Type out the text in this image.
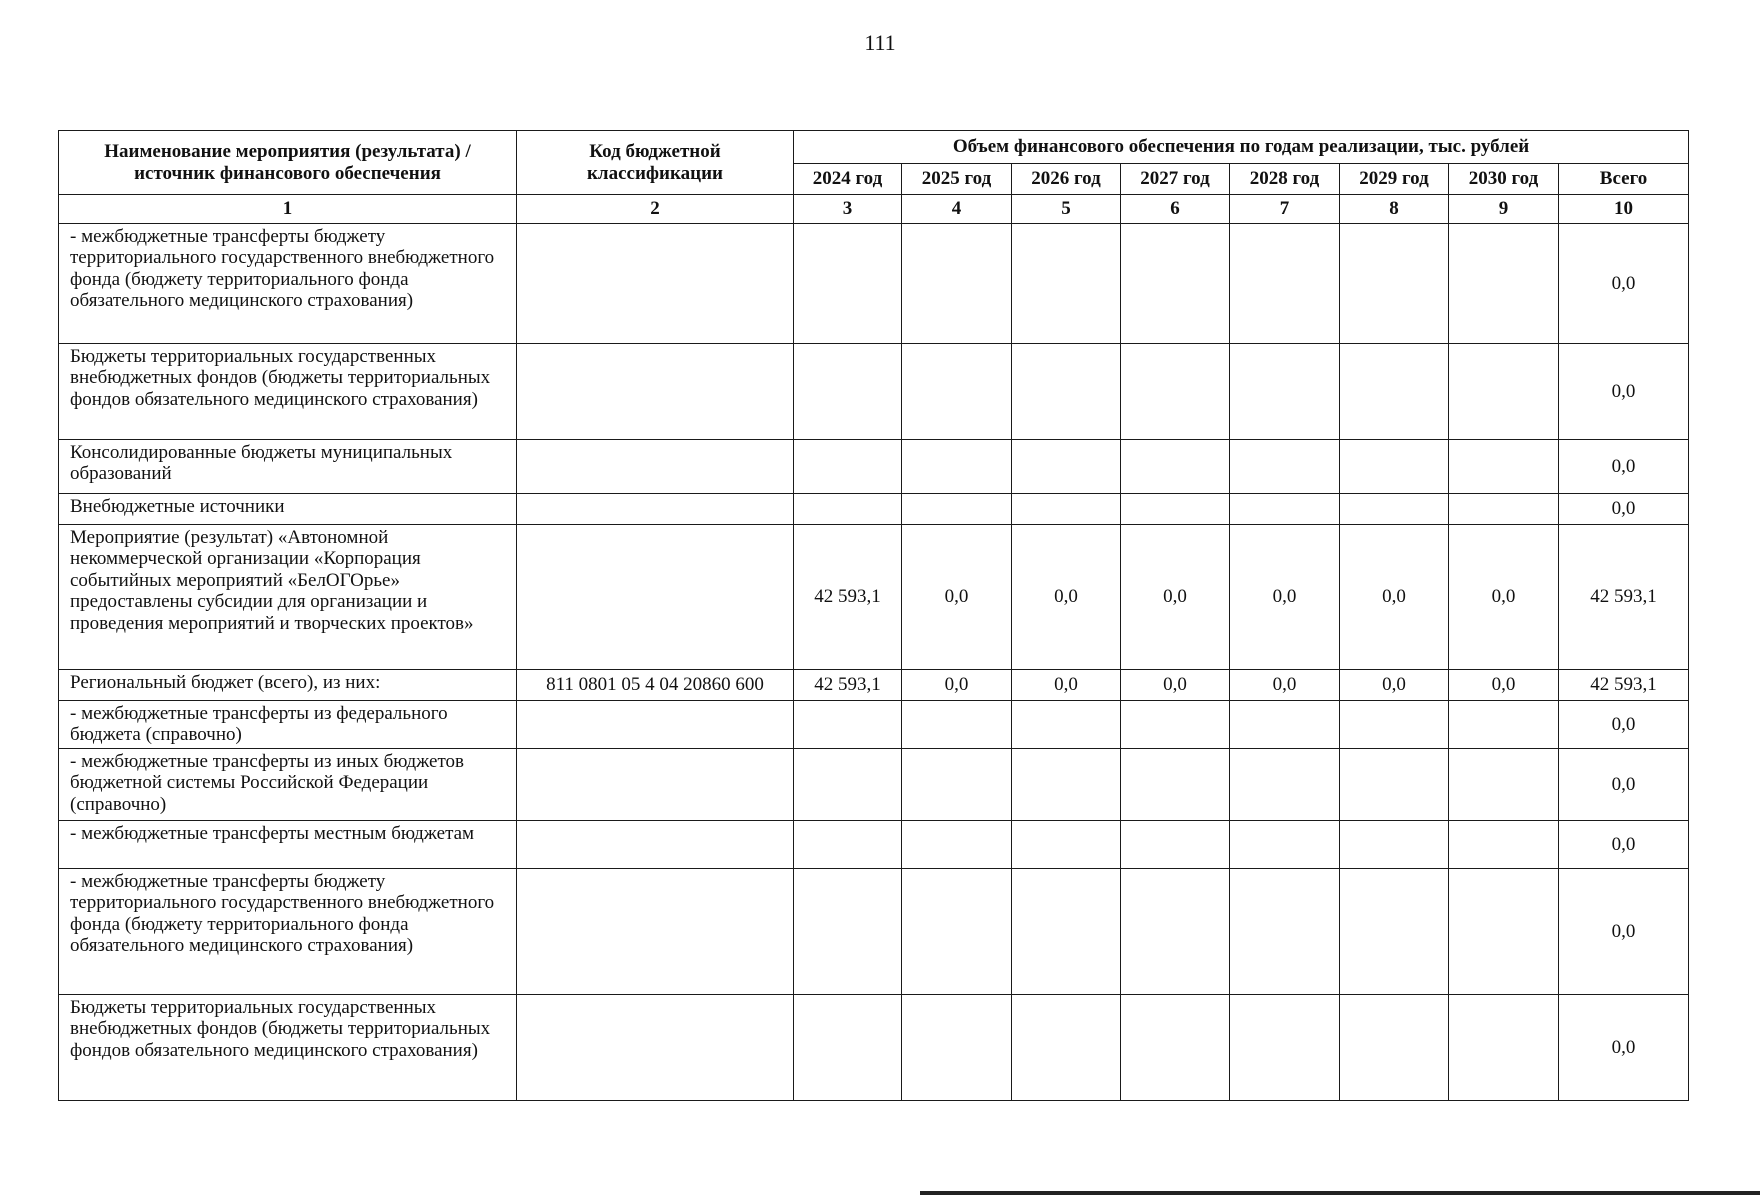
111
Наименование мероприятия (результата) / источник финансового обеспечения	Код бюджетной классификации	Объем финансового обеспечения по годам реализации, тыс. рублей							
		2024 год	2025 год	2026 год	2027 год	2028 год	2029 год	2030 год	Всего
1	2	3	4	5	6	7	8	9	10
- межбюджетные трансферты бюджету территориального государственного внебюджетного фонда (бюджету территориального фонда обязательного медицинского страхования)									0,0
Бюджеты территориальных государственных внебюджетных фондов (бюджеты территориальных фондов обязательного медицинского страхования)									0,0
Консолидированные бюджеты муниципальных образований									0,0
Внебюджетные источники									0,0
Мероприятие (результат) «Автономной некоммерческой организации «Корпорация событийных мероприятий «БелОГОрье» предоставлены субсидии для организации и проведения мероприятий и творческих проектов»		42 593,1	0,0	0,0	0,0	0,0	0,0	0,0	42 593,1
Региональный бюджет (всего), из них:	811 0801 05 4 04 20860 600	42 593,1	0,0	0,0	0,0	0,0	0,0	0,0	42 593,1
- межбюджетные трансферты из федерального бюджета (справочно)									0,0
- межбюджетные трансферты из иных бюджетов бюджетной системы Российской Федерации (справочно)									0,0
- межбюджетные трансферты местным бюджетам									0,0
- межбюджетные трансферты бюджету территориального государственного внебюджетного фонда (бюджету территориального фонда обязательного медицинского страхования)									0,0
Бюджеты территориальных государственных внебюджетных фондов (бюджеты территориальных фондов обязательного медицинского страхования)									0,0
